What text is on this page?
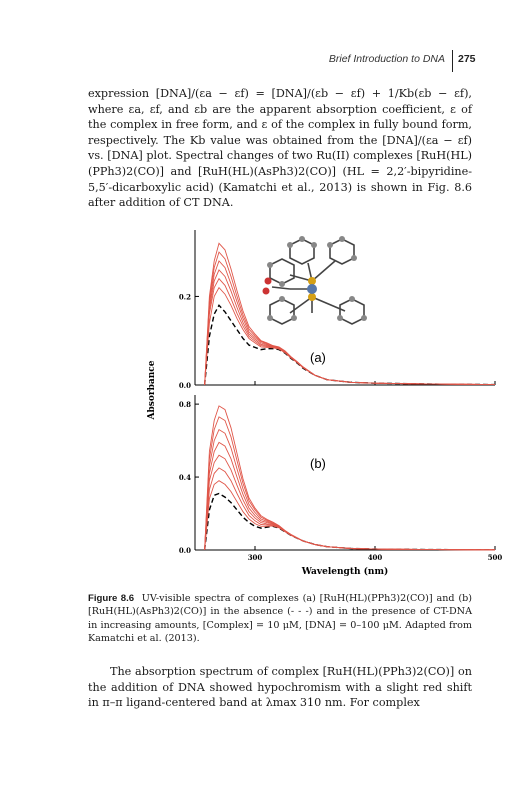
Brief Introduction to DNA 275

expression [DNA]/(εa − εf) = [DNA]/(εb − εf) + 1/Kb(εb − εf), where εa, εf, and εb are the apparent absorption coefficient, ε of the complex in free form, and ε of the complex in fully bound form, respectively. The Kb value was obtained from the [DNA]/(εa − εf) vs. [DNA] plot. Spectral changes of two Ru(II) complexes [RuH(HL)(PPh3)2(CO)] and [RuH(HL)(AsPh3)2(CO)] (HL = 2,2′-bipyridine-5,5′-dicarboxylic acid) (Kamatchi et al., 2013) is shown in Fig. 8.6 after addition of CT DNA.

0.0
0.2
(a)
0.0
0.4
0.8
300	400	500
(b)
Wavelength (nm)
Absorbance

Figure 8.6 UV-visible spectra of complexes (a) [RuH(HL)(PPh3)2(CO)] and (b) [RuH(HL)(AsPh3)2(CO)] in the absence (- - -) and in the presence of CT-DNA in increasing amounts, [Complex] = 10 μM, [DNA] = 0–100 μM. Adapted from Kamatchi et al. (2013).

The absorption spectrum of complex [RuH(HL)(PPh3)2(CO)] on the addition of DNA showed hypochromism with a slight red shift in π–π ligand-centered band at λmax 310 nm. For complex
